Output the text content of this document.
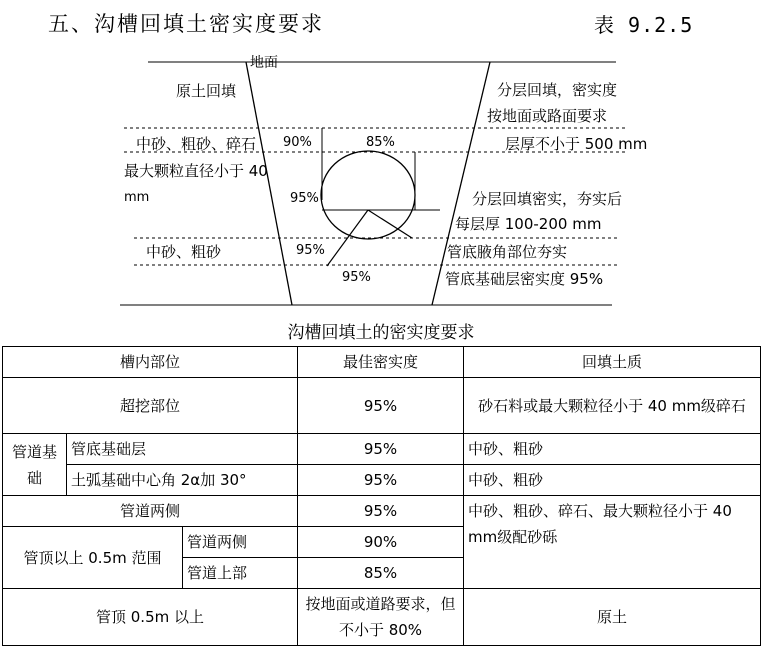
五、沟槽回填土密实度要求	表 9.2.5
地面
原土回填
中砂、粗砂、碎石
最大颗粒直径小于 40
mm
中砂、粗砂
分层回填，密实度
按地面或路面要求
层厚不小于 500 mm
分层回填密实，夯实后
每层厚 100-200 mm
管底腋角部位夯实
管底基础层密实度 95%
90%	85%
95%
95%
95%
沟槽回填土的密实度要求
槽内部位			最佳密实度	回填土质
超挖部位			95%	砂石料或最大颗粒径小于 40 mm级碎石
管道基础	管底基础层		95%	中砂、粗砂
	土弧基础中心角 2α加 30°		95%	中砂、粗砂
管道两侧			95%	中砂、粗砂、碎石、最大颗粒径小于 40 mm级配砂砾
管顶以上 0.5m 范围		管道两侧	90%	
		管道上部	85%	
管顶 0.5m 以上			按地面或道路要求，但不小于 80%	原土
